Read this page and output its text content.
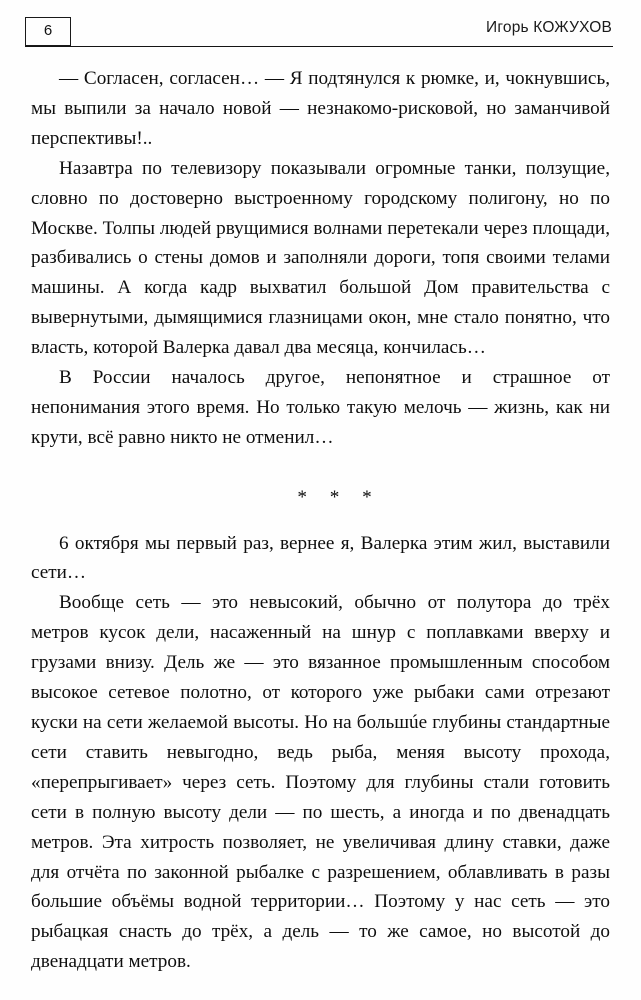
6	Игорь КОЖУХОВ

— Согласен, согласен… — Я подтянулся к рюмке, и, чокнувшись, мы выпили за начало новой — незнакомо-рисковой, но заманчивой перспективы!..

Назавтра по телевизору показывали огромные танки, ползущие, словно по достоверно выстроенному городскому полигону, но по Москве. Толпы людей рвущимися волнами перетекали через площади, разбивались о стены домов и заполняли дороги, топя своими телами машины. А когда кадр выхватил большой Дом правительства с вывернутыми, дымящимися глазницами окон, мне стало понятно, что власть, которой Валерка давал два месяца, кончилась…

В России началось другое, непонятное и страшное от непонимания этого время. Но только такую мелочь — жизнь, как ни крути, всё равно никто не отменил…

* * *

6 октября мы первый раз, вернее я, Валерка этим жил, выставили сети…

Вообще сеть — это невысокий, обычно от полутора до трёх метров кусок дели, насаженный на шнур с поплавками вверху и грузами внизу. Дель же — это вязанное промышленным способом высокое сетевое полотно, от которого уже рыбаки сами отрезают куски на сети желаемой высоты. Но на большúе глубины стандартные сети ставить невыгодно, ведь рыба, меняя высоту прохода, «перепрыгивает» через сеть. Поэтому для глубины стали готовить сети в полную высоту дели — по шесть, а иногда и по двенадцать метров. Эта хитрость позволяет, не увеличивая длину ставки, даже для отчёта по законной рыбалке с разрешением, облавливать в разы большие объёмы водной территории… Поэтому у нас сеть — это рыбацкая снасть до трёх, а дель — то же самое, но высотой до двенадцати метров.
